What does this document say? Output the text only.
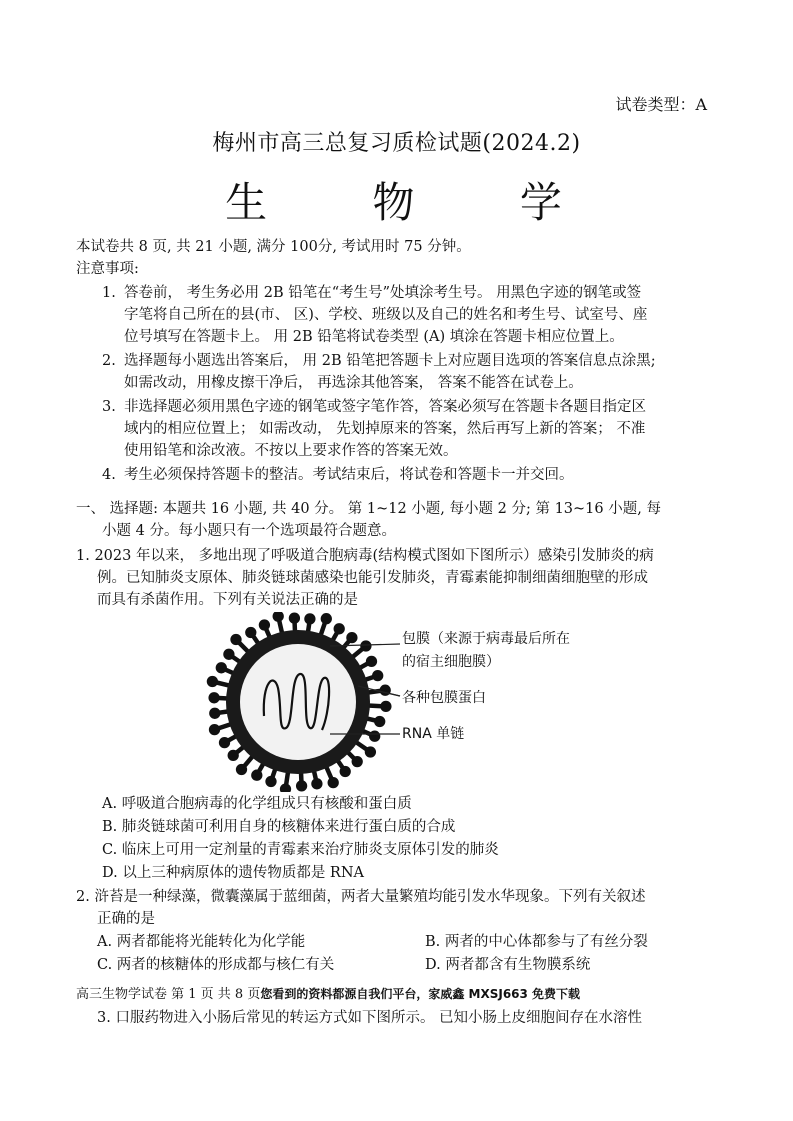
试卷类型：A
梅州市高三总复习质检试题(2024.2)
生 物 学
本试卷共 8 页, 共 21 小题, 满分 100分, 考试用时 75 分钟。
注意事项:
1. 答卷前， 考生务必用 2B 铅笔在“考生号”处填涂考生号。 用黑色字迹的钢笔或签
字笔将自己所在的县(市、 区)、学校、班级以及自己的姓名和考生号、试室号、座
位号填写在答题卡上。 用 2B 铅笔将试卷类型 (A) 填涂在答题卡相应位置上。
2. 选择题每小题选出答案后， 用 2B 铅笔把答题卡上对应题目选项的答案信息点涂黑;
如需改动，用橡皮擦干净后， 再选涂其他答案， 答案不能答在试卷上。
3. 非选择题必须用黑色字迹的钢笔或签字笔作答，答案必须写在答题卡各题目指定区
域内的相应位置上； 如需改动， 先划掉原来的答案，然后再写上新的答案； 不准
使用铅笔和涂改液。不按以上要求作答的答案无效。
4. 考生必须保持答题卡的整洁。考试结束后，将试卷和答题卡一并交回。
一、 选择题: 本题共 16 小题, 共 40 分。 第 1~12 小题, 每小题 2 分; 第 13~16 小题, 每
小题 4 分。每小题只有一个选项最符合题意。
1. 2023 年以来， 多地出现了呼吸道合胞病毒(结构模式图如下图所示）感染引发肺炎的病
例。已知肺炎支原体、肺炎链球菌感染也能引发肺炎，青霉素能抑制细菌细胞壁的形成
而具有杀菌作用。下列有关说法正确的是
包膜（来源于病毒最后所在
的宿主细胞膜）
各种包膜蛋白
RNA 单链
A. 呼吸道合胞病毒的化学组成只有核酸和蛋白质
B. 肺炎链球菌可利用自身的核糖体来进行蛋白质的合成
C. 临床上可用一定剂量的青霉素来治疗肺炎支原体引发的肺炎
D. 以上三种病原体的遗传物质都是 RNA
2. 浒苔是一种绿藻，微囊藻属于蓝细菌，两者大量繁殖均能引发水华现象。下列有关叙述
正确的是
A. 两者都能将光能转化为化学能	B. 两者的中心体都参与了有丝分裂
C. 两者的核糖体的形成都与核仁有关	D. 两者都含有生物膜系统
高三生物学试卷 第 1 页 共 8 页您看到的资料都源自我们平台，家威鑫 MXSJ663 免费下载
3. 口服药物进入小肠后常见的转运方式如下图所示。 已知小肠上皮细胞间存在水溶性
